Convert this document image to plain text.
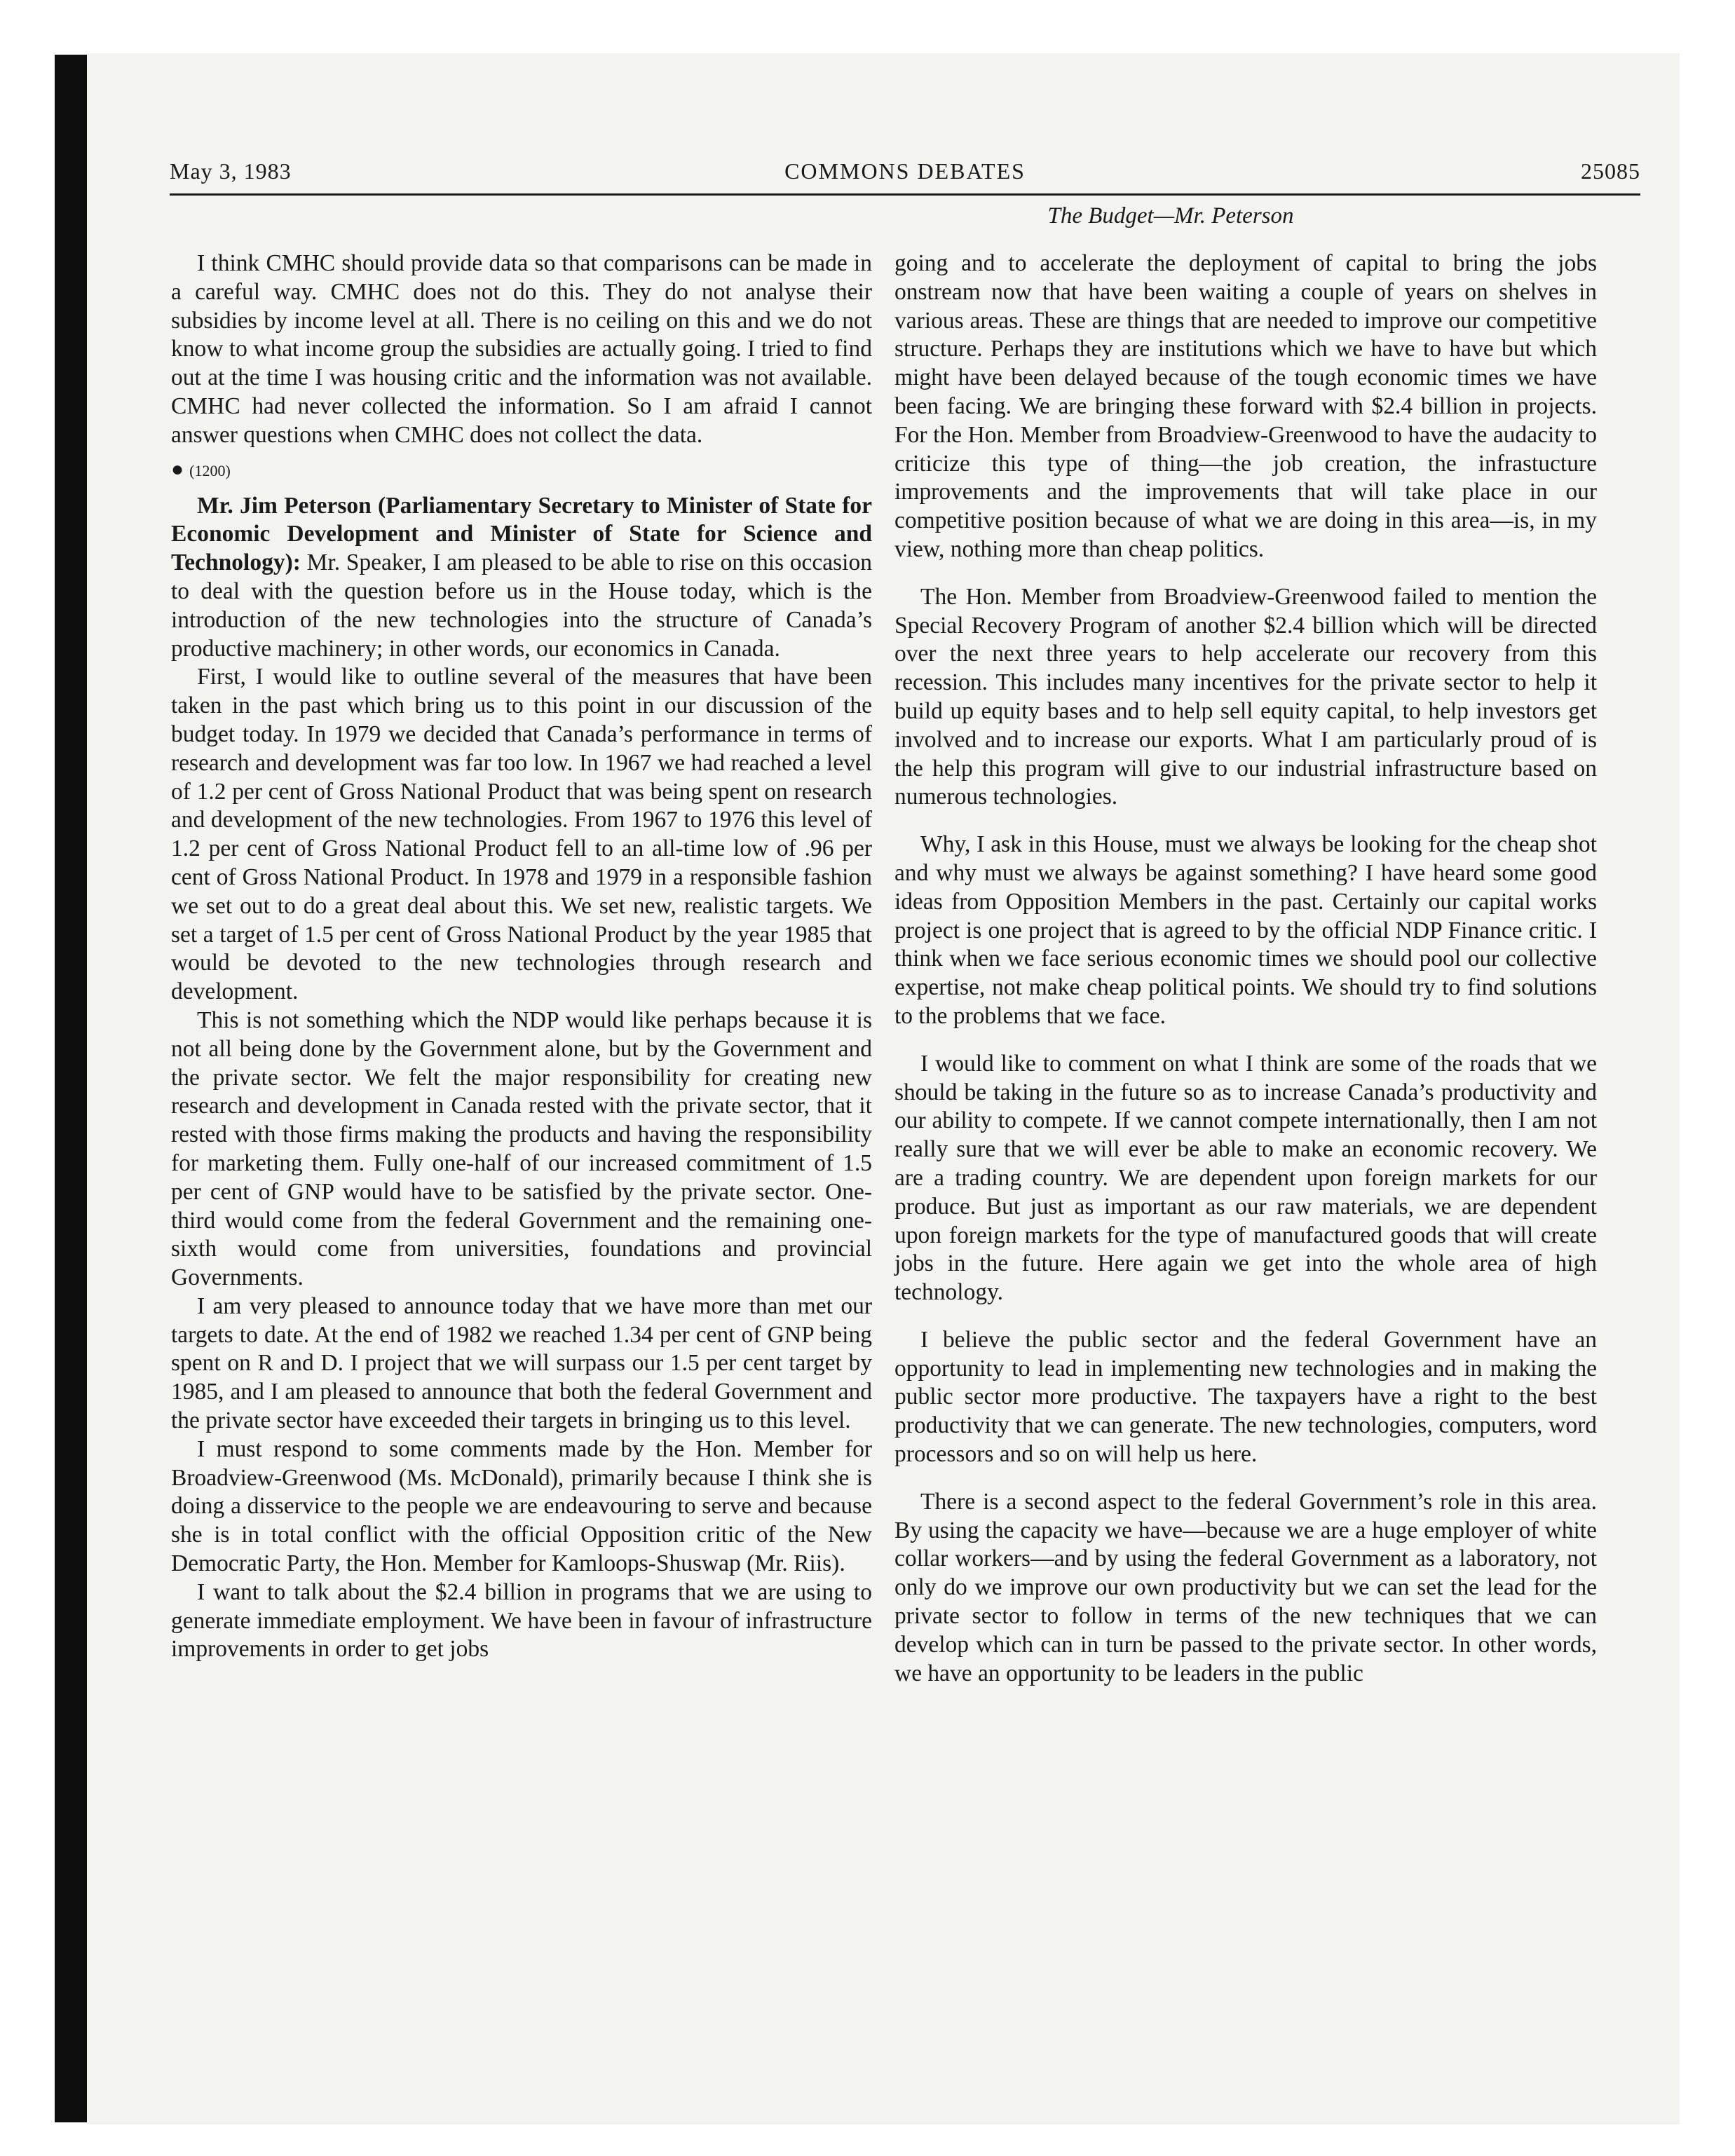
May 3, 1983	COMMONS DEBATES	25085
The Budget—Mr. Peterson

I think CMHC should provide data so that comparisons can be made in a careful way. CMHC does not do this. They do not analyse their subsidies by income level at all. There is no ceiling on this and we do not know to what income group the subsidies are actually going. I tried to find out at the time I was housing critic and the information was not available. CMHC had never collected the information. So I am afraid I cannot answer questions when CMHC does not collect the data.

● (1200)

Mr. Jim Peterson (Parliamentary Secretary to Minister of State for Economic Development and Minister of State for Science and Technology): Mr. Speaker, I am pleased to be able to rise on this occasion to deal with the question before us in the House today, which is the introduction of the new technologies into the structure of Canada’s productive machinery; in other words, our economics in Canada.

First, I would like to outline several of the measures that have been taken in the past which bring us to this point in our discussion of the budget today. In 1979 we decided that Canada’s performance in terms of research and development was far too low. In 1967 we had reached a level of 1.2 per cent of Gross National Product that was being spent on research and development of the new technologies. From 1967 to 1976 this level of 1.2 per cent of Gross National Product fell to an all-time low of .96 per cent of Gross National Product. In 1978 and 1979 in a responsible fashion we set out to do a great deal about this. We set new, realistic targets. We set a target of 1.5 per cent of Gross National Product by the year 1985 that would be devoted to the new technologies through research and development.

This is not something which the NDP would like perhaps because it is not all being done by the Government alone, but by the Government and the private sector. We felt the major responsibility for creating new research and development in Canada rested with the private sector, that it rested with those firms making the products and having the responsibility for marketing them. Fully one-half of our increased commitment of 1.5 per cent of GNP would have to be satisfied by the private sector. One-third would come from the federal Government and the remaining one-sixth would come from universities, foundations and provincial Governments.

I am very pleased to announce today that we have more than met our targets to date. At the end of 1982 we reached 1.34 per cent of GNP being spent on R and D. I project that we will surpass our 1.5 per cent target by 1985, and I am pleased to announce that both the federal Government and the private sector have exceeded their targets in bringing us to this level.

I must respond to some comments made by the Hon. Member for Broadview-Greenwood (Ms. McDonald), primarily because I think she is doing a disservice to the people we are endeavouring to serve and because she is in total conflict with the official Opposition critic of the New Democratic Party, the Hon. Member for Kamloops-Shuswap (Mr. Riis).

I want to talk about the $2.4 billion in programs that we are using to generate immediate employment. We have been in favour of infrastructure improvements in order to get jobs

going and to accelerate the deployment of capital to bring the jobs onstream now that have been waiting a couple of years on shelves in various areas. These are things that are needed to improve our competitive structure. Perhaps they are institutions which we have to have but which might have been delayed because of the tough economic times we have been facing. We are bringing these forward with $2.4 billion in projects. For the Hon. Member from Broadview-Greenwood to have the audacity to criticize this type of thing—the job creation, the infrastucture improvements and the improvements that will take place in our competitive position because of what we are doing in this area—is, in my view, nothing more than cheap politics.

The Hon. Member from Broadview-Greenwood failed to mention the Special Recovery Program of another $2.4 billion which will be directed over the next three years to help accelerate our recovery from this recession. This includes many incentives for the private sector to help it build up equity bases and to help sell equity capital, to help investors get involved and to increase our exports. What I am particularly proud of is the help this program will give to our industrial infrastructure based on numerous technologies.

Why, I ask in this House, must we always be looking for the cheap shot and why must we always be against something? I have heard some good ideas from Opposition Members in the past. Certainly our capital works project is one project that is agreed to by the official NDP Finance critic. I think when we face serious economic times we should pool our collective expertise, not make cheap political points. We should try to find solutions to the problems that we face.

I would like to comment on what I think are some of the roads that we should be taking in the future so as to increase Canada’s productivity and our ability to compete. If we cannot compete internationally, then I am not really sure that we will ever be able to make an economic recovery. We are a trading country. We are dependent upon foreign markets for our produce. But just as important as our raw materials, we are dependent upon foreign markets for the type of manufactured goods that will create jobs in the future. Here again we get into the whole area of high technology.

I believe the public sector and the federal Government have an opportunity to lead in implementing new technologies and in making the public sector more productive. The taxpayers have a right to the best productivity that we can generate. The new technologies, computers, word processors and so on will help us here.

There is a second aspect to the federal Government’s role in this area. By using the capacity we have—because we are a huge employer of white collar workers—and by using the federal Government as a laboratory, not only do we improve our own productivity but we can set the lead for the private sector to follow in terms of the new techniques that we can develop which can in turn be passed to the private sector. In other words, we have an opportunity to be leaders in the public
